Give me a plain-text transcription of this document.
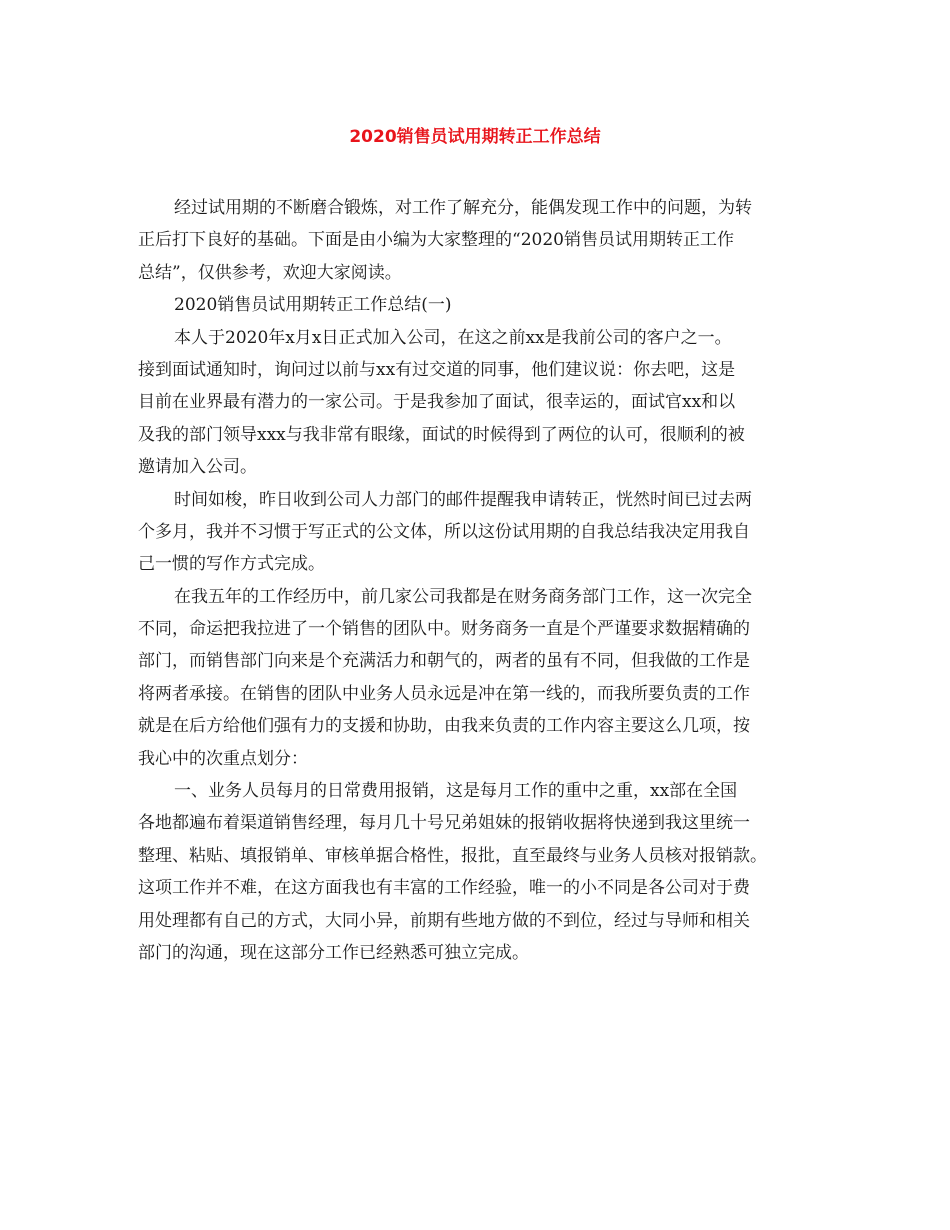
2020销售员试用期转正工作总结
经过试用期的不断磨合锻炼，对工作了解充分，能偶发现工作中的问题，为转
正后打下良好的基础。下面是由小编为大家整理的“2020销售员试用期转正工作
总结”，仅供参考，欢迎大家阅读。
2020销售员试用期转正工作总结(一)
本人于2020年x月x日正式加入公司，在这之前xx是我前公司的客户之一。
接到面试通知时，询问过以前与xx有过交道的同事，他们建议说：你去吧，这是
目前在业界最有潜力的一家公司。于是我参加了面试，很幸运的，面试官xx和以
及我的部门领导xxx与我非常有眼缘，面试的时候得到了两位的认可，很顺利的被
邀请加入公司。
时间如梭，昨日收到公司人力部门的邮件提醒我申请转正，恍然时间已过去两
个多月，我并不习惯于写正式的公文体，所以这份试用期的自我总结我决定用我自
己一惯的写作方式完成。
在我五年的工作经历中，前几家公司我都是在财务商务部门工作，这一次完全
不同，命运把我拉进了一个销售的团队中。财务商务一直是个严谨要求数据精确的
部门，而销售部门向来是个充满活力和朝气的，两者的虽有不同，但我做的工作是
将两者承接。在销售的团队中业务人员永远是冲在第一线的，而我所要负责的工作
就是在后方给他们强有力的支援和协助，由我来负责的工作内容主要这么几项，按
我心中的次重点划分：
一、业务人员每月的日常费用报销，这是每月工作的重中之重，xx部在全国
各地都遍布着渠道销售经理，每月几十号兄弟姐妹的报销收据将快递到我这里统一
整理、粘贴、填报销单、审核单据合格性，报批，直至最终与业务人员核对报销款。
这项工作并不难，在这方面我也有丰富的工作经验，唯一的小不同是各公司对于费
用处理都有自己的方式，大同小异，前期有些地方做的不到位，经过与导师和相关
部门的沟通，现在这部分工作已经熟悉可独立完成。
